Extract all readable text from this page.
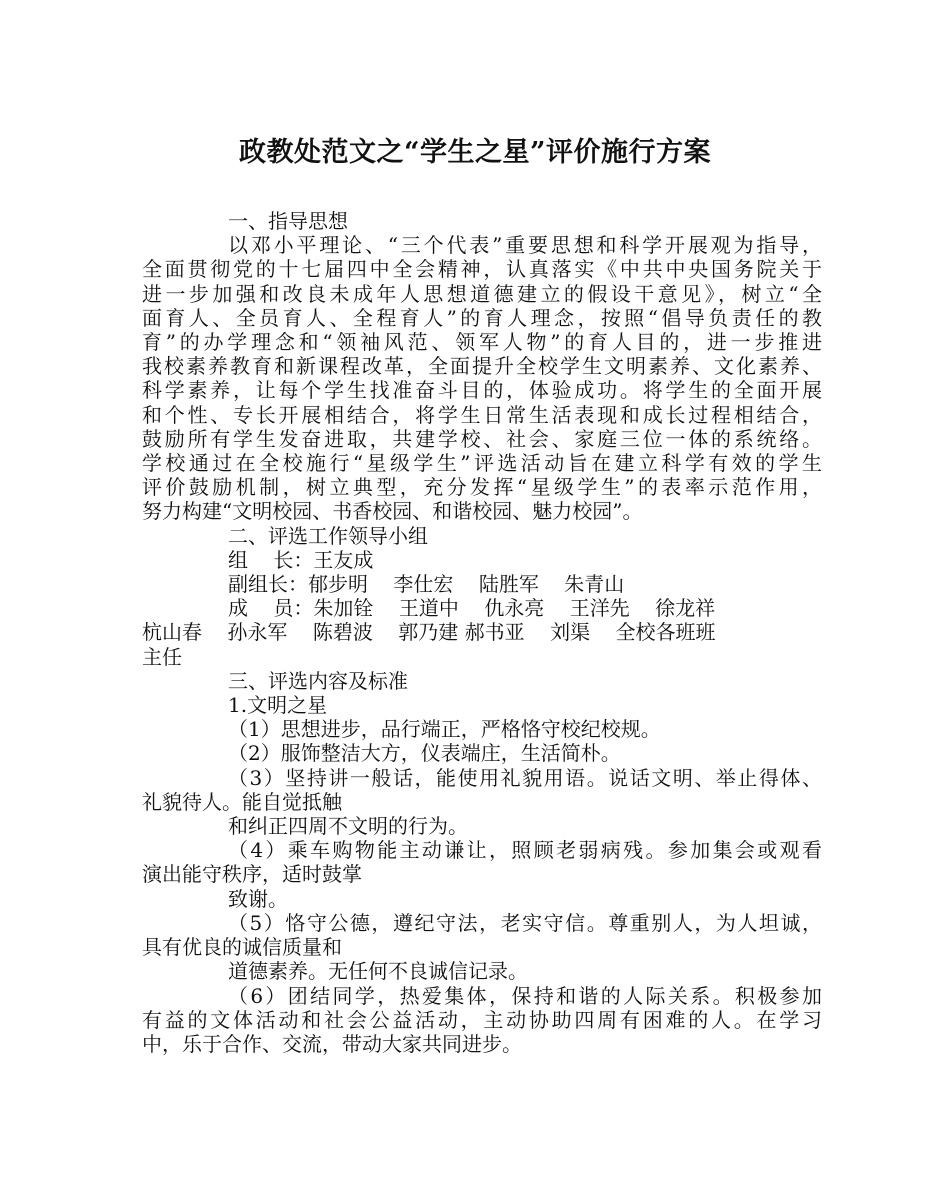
政教处范文之“学生之星”评价施行方案

一、指导思想

以邓小平理论、“三个代表”重要思想和科学开展观为指导，

全面贯彻党的十七届四中全会精神，认真落实《中共中央国务院关于

进一步加强和改良未成年人思想道德建立的假设干意见》，树立“全

面育人、全员育人、全程育人”的育人理念，按照“倡导负责任的教

育”的办学理念和“领袖风范、领军人物”的育人目的，进一步推进

我校素养教育和新课程改革，全面提升全校学生文明素养、文化素养、

科学素养，让每个学生找准奋斗目的，体验成功。将学生的全面开展

和个性、专长开展相结合，将学生日常生活表现和成长过程相结合，

鼓励所有学生发奋进取，共建学校、社会、家庭三位一体的系统络。

学校通过在全校施行“星级学生”评选活动旨在建立科学有效的学生

评价鼓励机制，树立典型，充分发挥“星级学生”的表率示范作用，

努力构建“文明校园、书香校园、和谐校园、魅力校园”。

二、评选工作领导小组

组    长：王友成

副组长：郁步明    李仕宏    陆胜军    朱青山

成    员：朱加铨    王道中    仇永亮    王洋先    徐龙祥

杭山春    孙永军    陈碧波    郭乃建 郝书亚    刘渠    全校各班班

主任

三、评选内容及标准

1.文明之星

（1）思想进步，品行端正，严格恪守校纪校规。

（2）服饰整洁大方，仪表端庄，生活简朴。

（3）坚持讲一般话，能使用礼貌用语。说话文明、举止得体、

礼貌待人。能自觉抵触

和纠正四周不文明的行为。

（4）乘车购物能主动谦让，照顾老弱病残。参加集会或观看

演出能守秩序，适时鼓掌

致谢。

（5）恪守公德，遵纪守法，老实守信。尊重别人，为人坦诚，

具有优良的诚信质量和

道德素养。无任何不良诚信记录。

（6）团结同学，热爱集体，保持和谐的人际关系。积极参加

有益的文体活动和社会公益活动，主动协助四周有困难的人。在学习

中，乐于合作、交流，带动大家共同进步。
